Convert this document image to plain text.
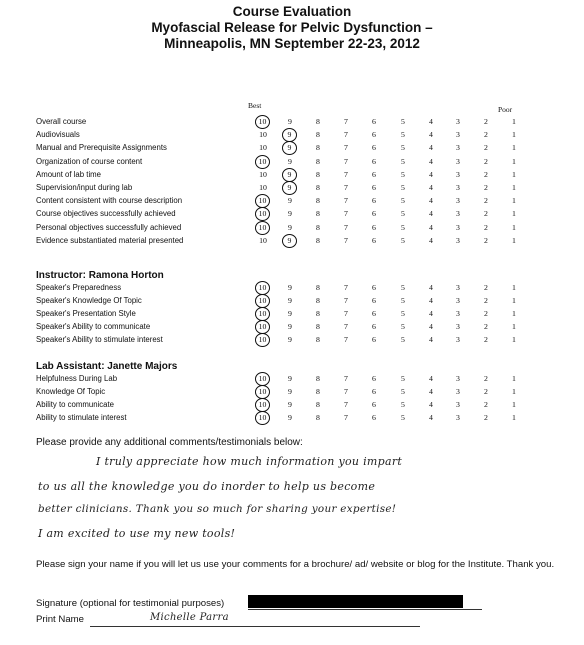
Course Evaluation
Myofascial Release for Pelvic Dysfunction –
Minneapolis, MN September 22-23, 2012
Best	Poor
Overall course	10	9	8	7	6	5	4	3	2	1
Audiovisuals	10	9	8	7	6	5	4	3	2	1
Manual and Prerequisite Assignments	10	9	8	7	6	5	4	3	2	1
Organization of course content	10	9	8	7	6	5	4	3	2	1
Amount of lab time	10	9	8	7	6	5	4	3	2	1
Supervision/input during lab	10	9	8	7	6	5	4	3	2	1
Content consistent with course description	10	9	8	7	6	5	4	3	2	1
Course objectives successfully achieved	10	9	8	7	6	5	4	3	2	1
Personal objectives successfully achieved	10	9	8	7	6	5	4	3	2	1
Evidence substantiated material presented	10	9	8	7	6	5	4	3	2	1
Instructor: Ramona Horton
Speaker's Preparedness	10	9	8	7	6	5	4	3	2	1
Speaker's Knowledge Of Topic	10	9	8	7	6	5	4	3	2	1
Speaker's Presentation Style	10	9	8	7	6	5	4	3	2	1
Speaker's Ability to communicate	10	9	8	7	6	5	4	3	2	1
Speaker's Ability to stimulate interest	10	9	8	7	6	5	4	3	2	1
Lab Assistant: Janette Majors
Helpfulness During Lab	10	9	8	7	6	5	4	3	2	1
Knowledge Of Topic	10	9	8	7	6	5	4	3	2	1
Ability to communicate	10	9	8	7	6	5	4	3	2	1
Ability to stimulate interest	10	9	8	7	6	5	4	3	2	1
Please provide any additional comments/testimonials below:
I truly appreciate how much information you impart
to us all the knowledge you do inorder to help us become
better clinicians. Thank you so much for sharing your expertise!
I am excited to use my new tools!
Please sign your name if you will let us use your comments for a brochure/ ad/ website or blog for the Institute. Thank you.
Signature (optional for testimonial purposes)
Print Name	Michelle Parra
